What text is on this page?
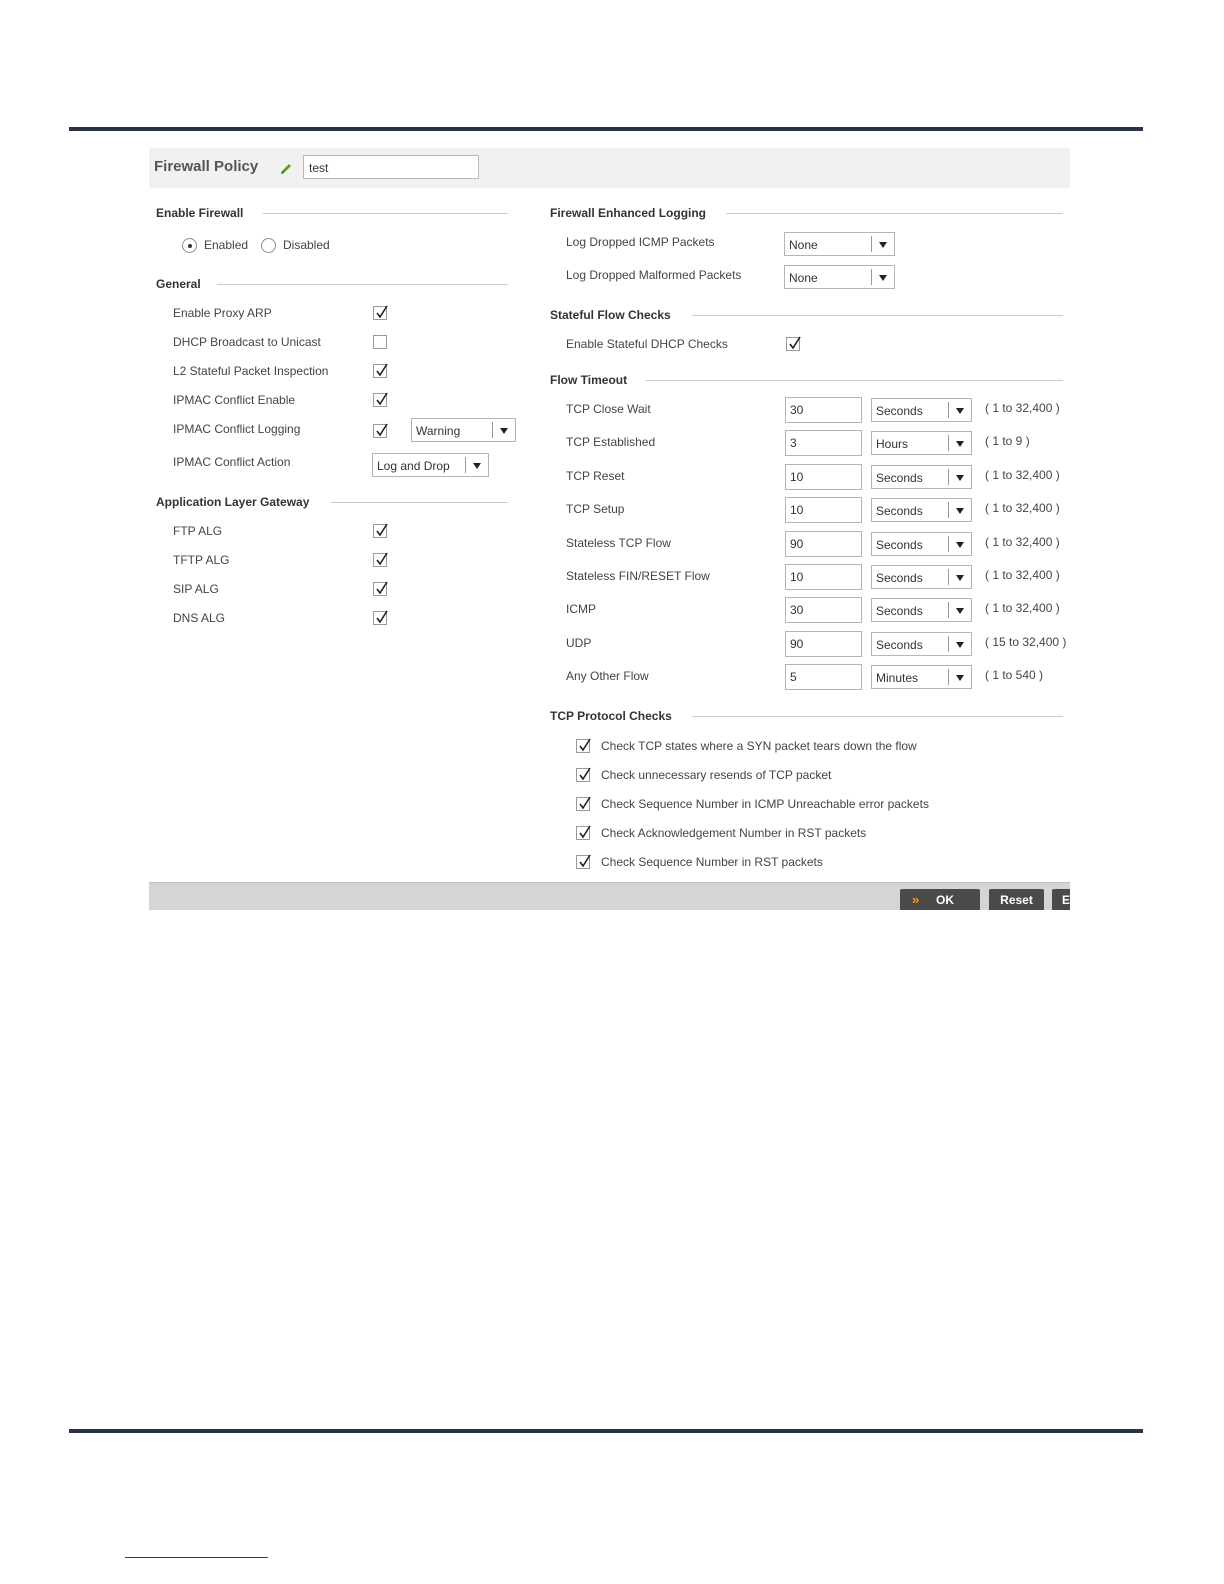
Firewall Policy	test
Enable Firewall
Enabled	Disabled
General
Enable Proxy ARP
DHCP Broadcast to Unicast
L2 Stateful Packet Inspection
IPMAC Conflict Enable
IPMAC Conflict Logging	Warning
IPMAC Conflict Action	Log and Drop
Application Layer Gateway
FTP ALG
TFTP ALG
SIP ALG
DNS ALG
Firewall Enhanced Logging
Log Dropped ICMP Packets	None
Log Dropped Malformed Packets	None
Stateful Flow Checks
Enable Stateful DHCP Checks
Flow Timeout
TCP Protocol Checks
» OK	Reset	E
TCP Close Wait	30	Seconds	( 1 to 32,400 )
TCP Established	3	Hours	( 1 to 9 )
TCP Reset	10	Seconds	( 1 to 32,400 )
TCP Setup	10	Seconds	( 1 to 32,400 )
Stateless TCP Flow	90	Seconds	( 1 to 32,400 )
Stateless FIN/RESET Flow	10	Seconds	( 1 to 32,400 )
ICMP	30	Seconds	( 1 to 32,400 )
UDP	90	Seconds	( 15 to 32,400 )
Any Other Flow	5	Minutes	( 1 to 540 )
Check TCP states where a SYN packet tears down the flow
Check unnecessary resends of TCP packet
Check Sequence Number in ICMP Unreachable error packets
Check Acknowledgement Number in RST packets
Check Sequence Number in RST packets
